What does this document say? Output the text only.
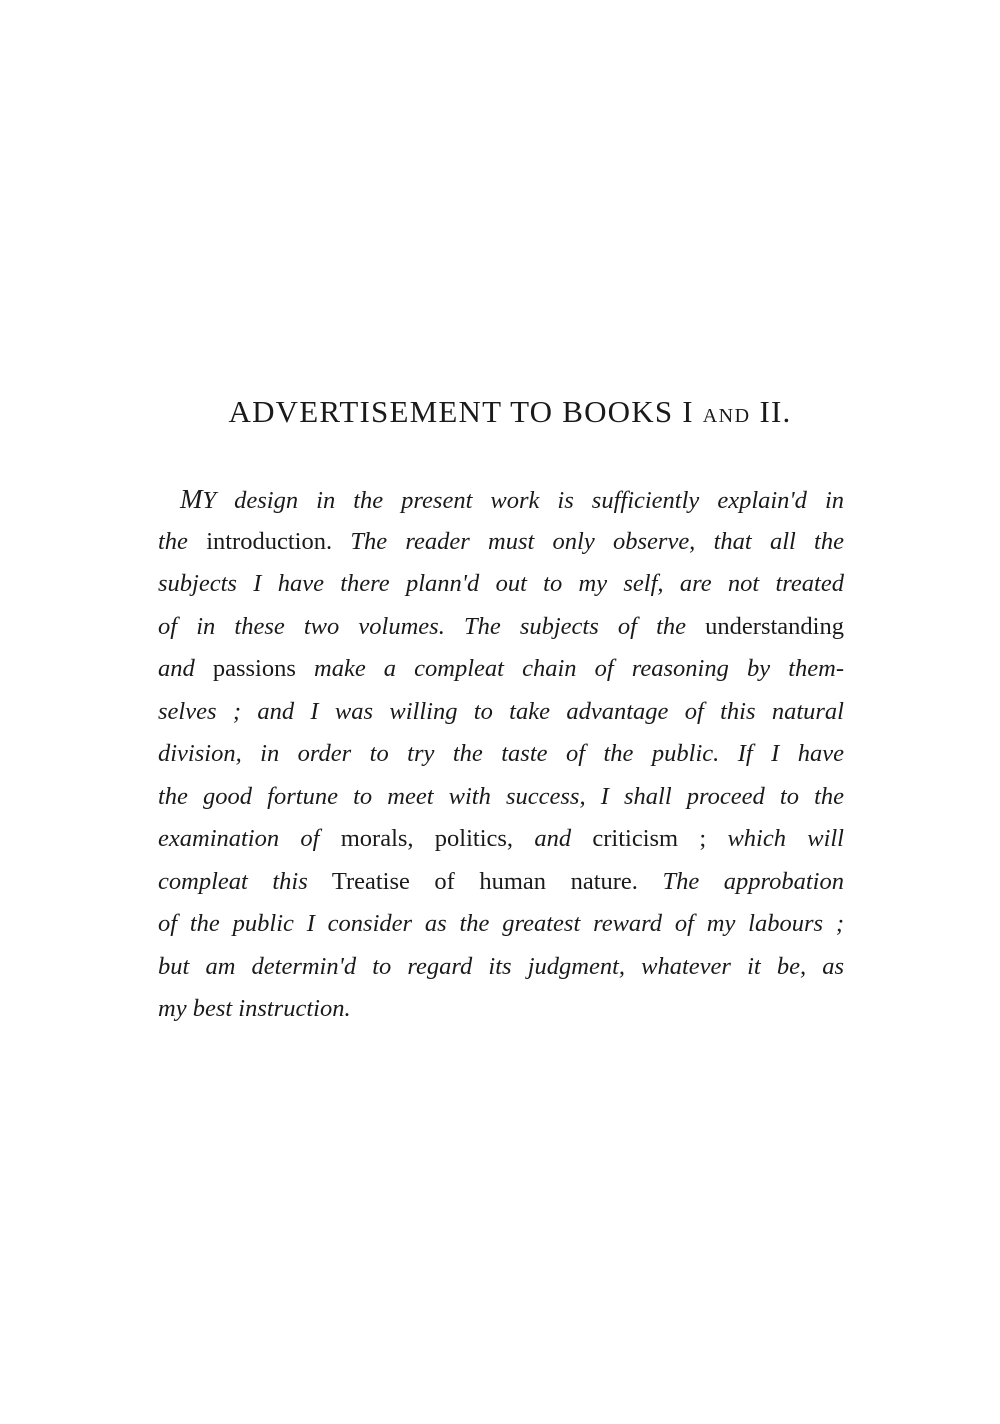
ADVERTISEMENT TO BOOKS I AND II.
MY design in the present work is sufficiently explain'd in
the introduction. The reader must only observe, that all the
subjects I have there plann'd out to my self, are not treated
of in these two volumes. The subjects of the understanding
and passions make a compleat chain of reasoning by them-
selves ; and I was willing to take advantage of this natural
division, in order to try the taste of the public. If I have
the good fortune to meet with success, I shall proceed to the
examination of morals, politics, and criticism ; which will
compleat this Treatise of human nature. The approbation
of the public I consider as the greatest reward of my labours ;
but am determin'd to regard its judgment, whatever it be, as
my best instruction.
